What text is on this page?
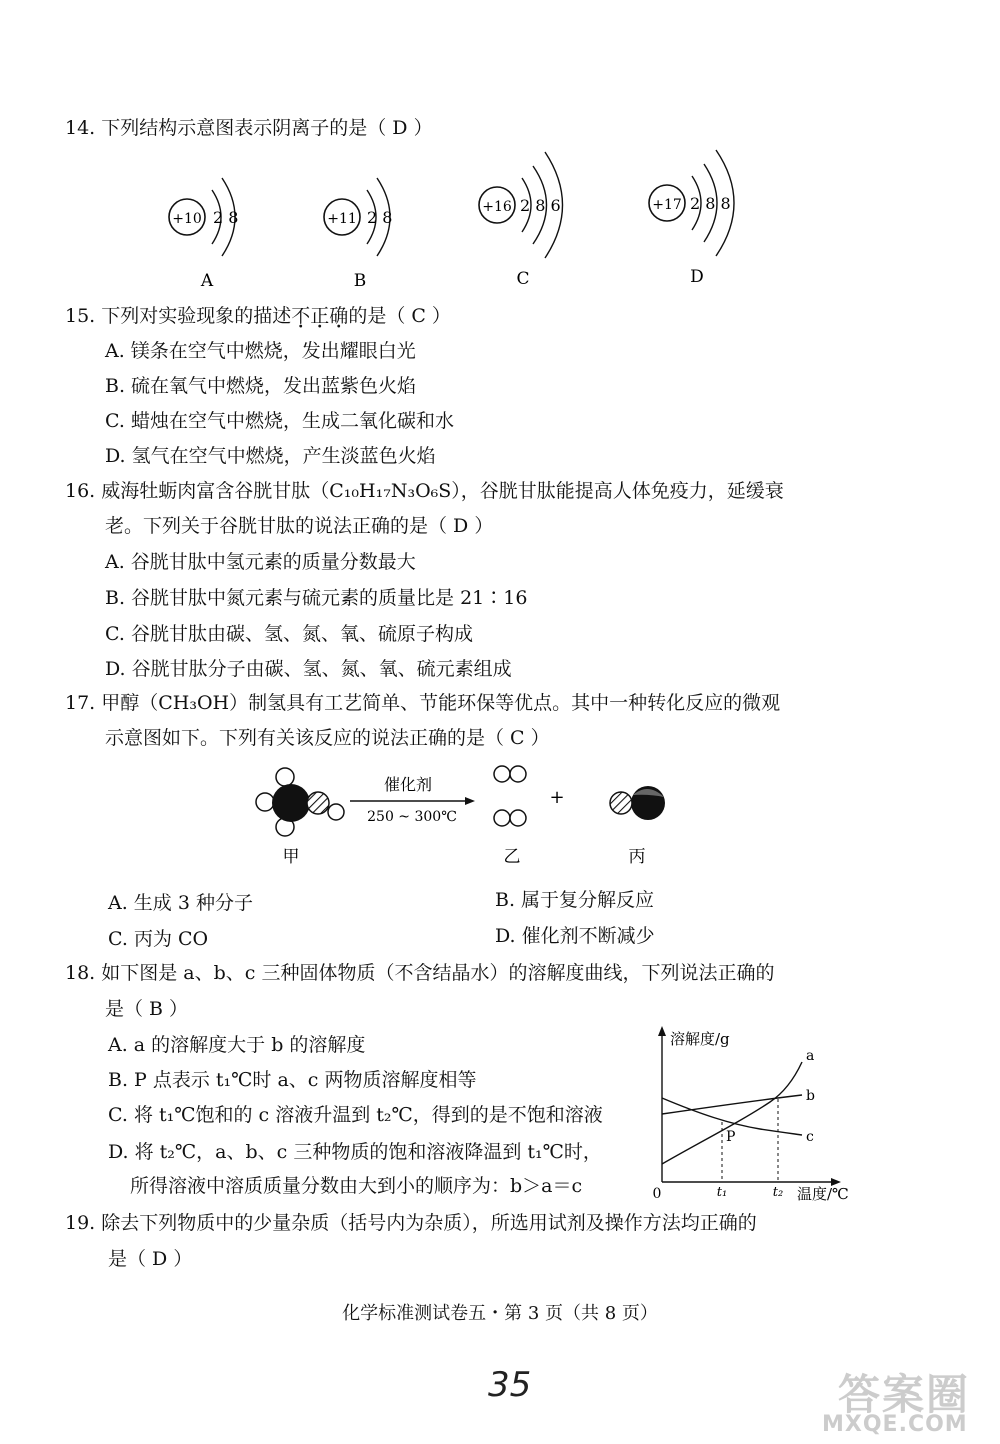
14. 下列结构示意图表示阴离子的是（ D ）
+10 2 8	+11 2 8
+16 2 8 6	+17 2 8 8
A	B	C	D
15. 下列对实验现象的描述不正确的是（ C ）
A. 镁条在空气中燃烧，发出耀眼白光
B. 硫在氧气中燃烧，发出蓝紫色火焰
C. 蜡烛在空气中燃烧，生成二氧化碳和水
D. 氢气在空气中燃烧，产生淡蓝色火焰
16. 威海牡蛎肉富含谷胱甘肽（C₁₀H₁₇N₃O₆S），谷胱甘肽能提高人体免疫力，延缓衰
老。下列关于谷胱甘肽的说法正确的是（ D ）
A. 谷胱甘肽中氢元素的质量分数最大
B. 谷胱甘肽中氮元素与硫元素的质量比是 21∶16
C. 谷胱甘肽由碳、氢、氮、氧、硫原子构成
D. 谷胱甘肽分子由碳、氢、氮、氧、硫元素组成
17. 甲醇（CH₃OH）制氢具有工艺简单、节能环保等优点。其中一种转化反应的微观
示意图如下。下列有关该反应的说法正确的是（ C ）
催化剂
250 ~ 300℃
+
甲	乙	丙
A. 生成 3 种分子	B. 属于复分解反应
C. 丙为 CO	D. 催化剂不断减少
18. 如下图是 a、b、c 三种固体物质（不含结晶水）的溶解度曲线，下列说法正确的
是（ B ）
A. a 的溶解度大于 b 的溶解度
B. P 点表示 t₁℃时 a、c 两物质溶解度相等
C. 将 t₁℃饱和的 c 溶液升温到 t₂℃，得到的是不饱和溶液
D. 将 t₂℃，a、b、c 三种物质的饱和溶液降温到 t₁℃时，
所得溶液中溶质质量分数由大到小的顺序为：b＞a＝c
溶解度/g
温度/℃
0	t₁	t₂
P
a
b
c
19. 除去下列物质中的少量杂质（括号内为杂质），所选用试剂及操作方法均正确的
是（ D ）
化学标准测试卷五・第 3 页（共 8 页）
35	答案圈
MXQE.COM
